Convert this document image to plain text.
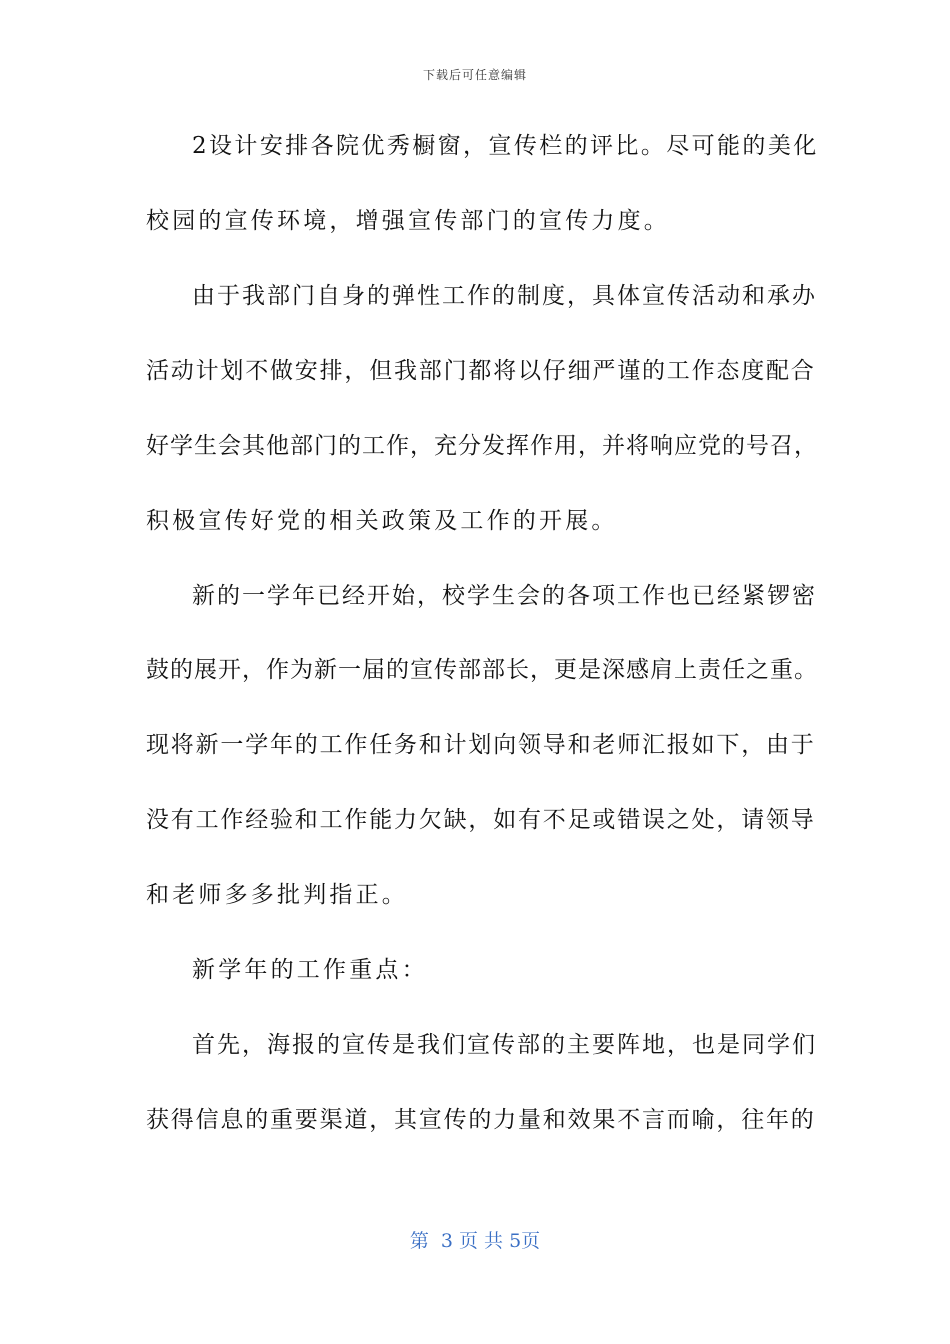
下载后可任意编辑
2设计安排各院优秀橱窗，宣传栏的评比。尽可能的美化
校园的宣传环境，增强宣传部门的宣传力度。
由于我部门自身的弹性工作的制度，具体宣传活动和承办
活动计划不做安排，但我部门都将以仔细严谨的工作态度配合
好学生会其他部门的工作，充分发挥作用，并将响应党的号召，
积极宣传好党的相关政策及工作的开展。
新的一学年已经开始，校学生会的各项工作也已经紧锣密
鼓的展开，作为新一届的宣传部部长，更是深感肩上责任之重。
现将新一学年的工作任务和计划向领导和老师汇报如下，由于
没有工作经验和工作能力欠缺，如有不足或错误之处，请领导
和老师多多批判指正。
新学年的工作重点：
首先，海报的宣传是我们宣传部的主要阵地，也是同学们
获得信息的重要渠道，其宣传的力量和效果不言而喻，往年的
第  3 页 共 5页
